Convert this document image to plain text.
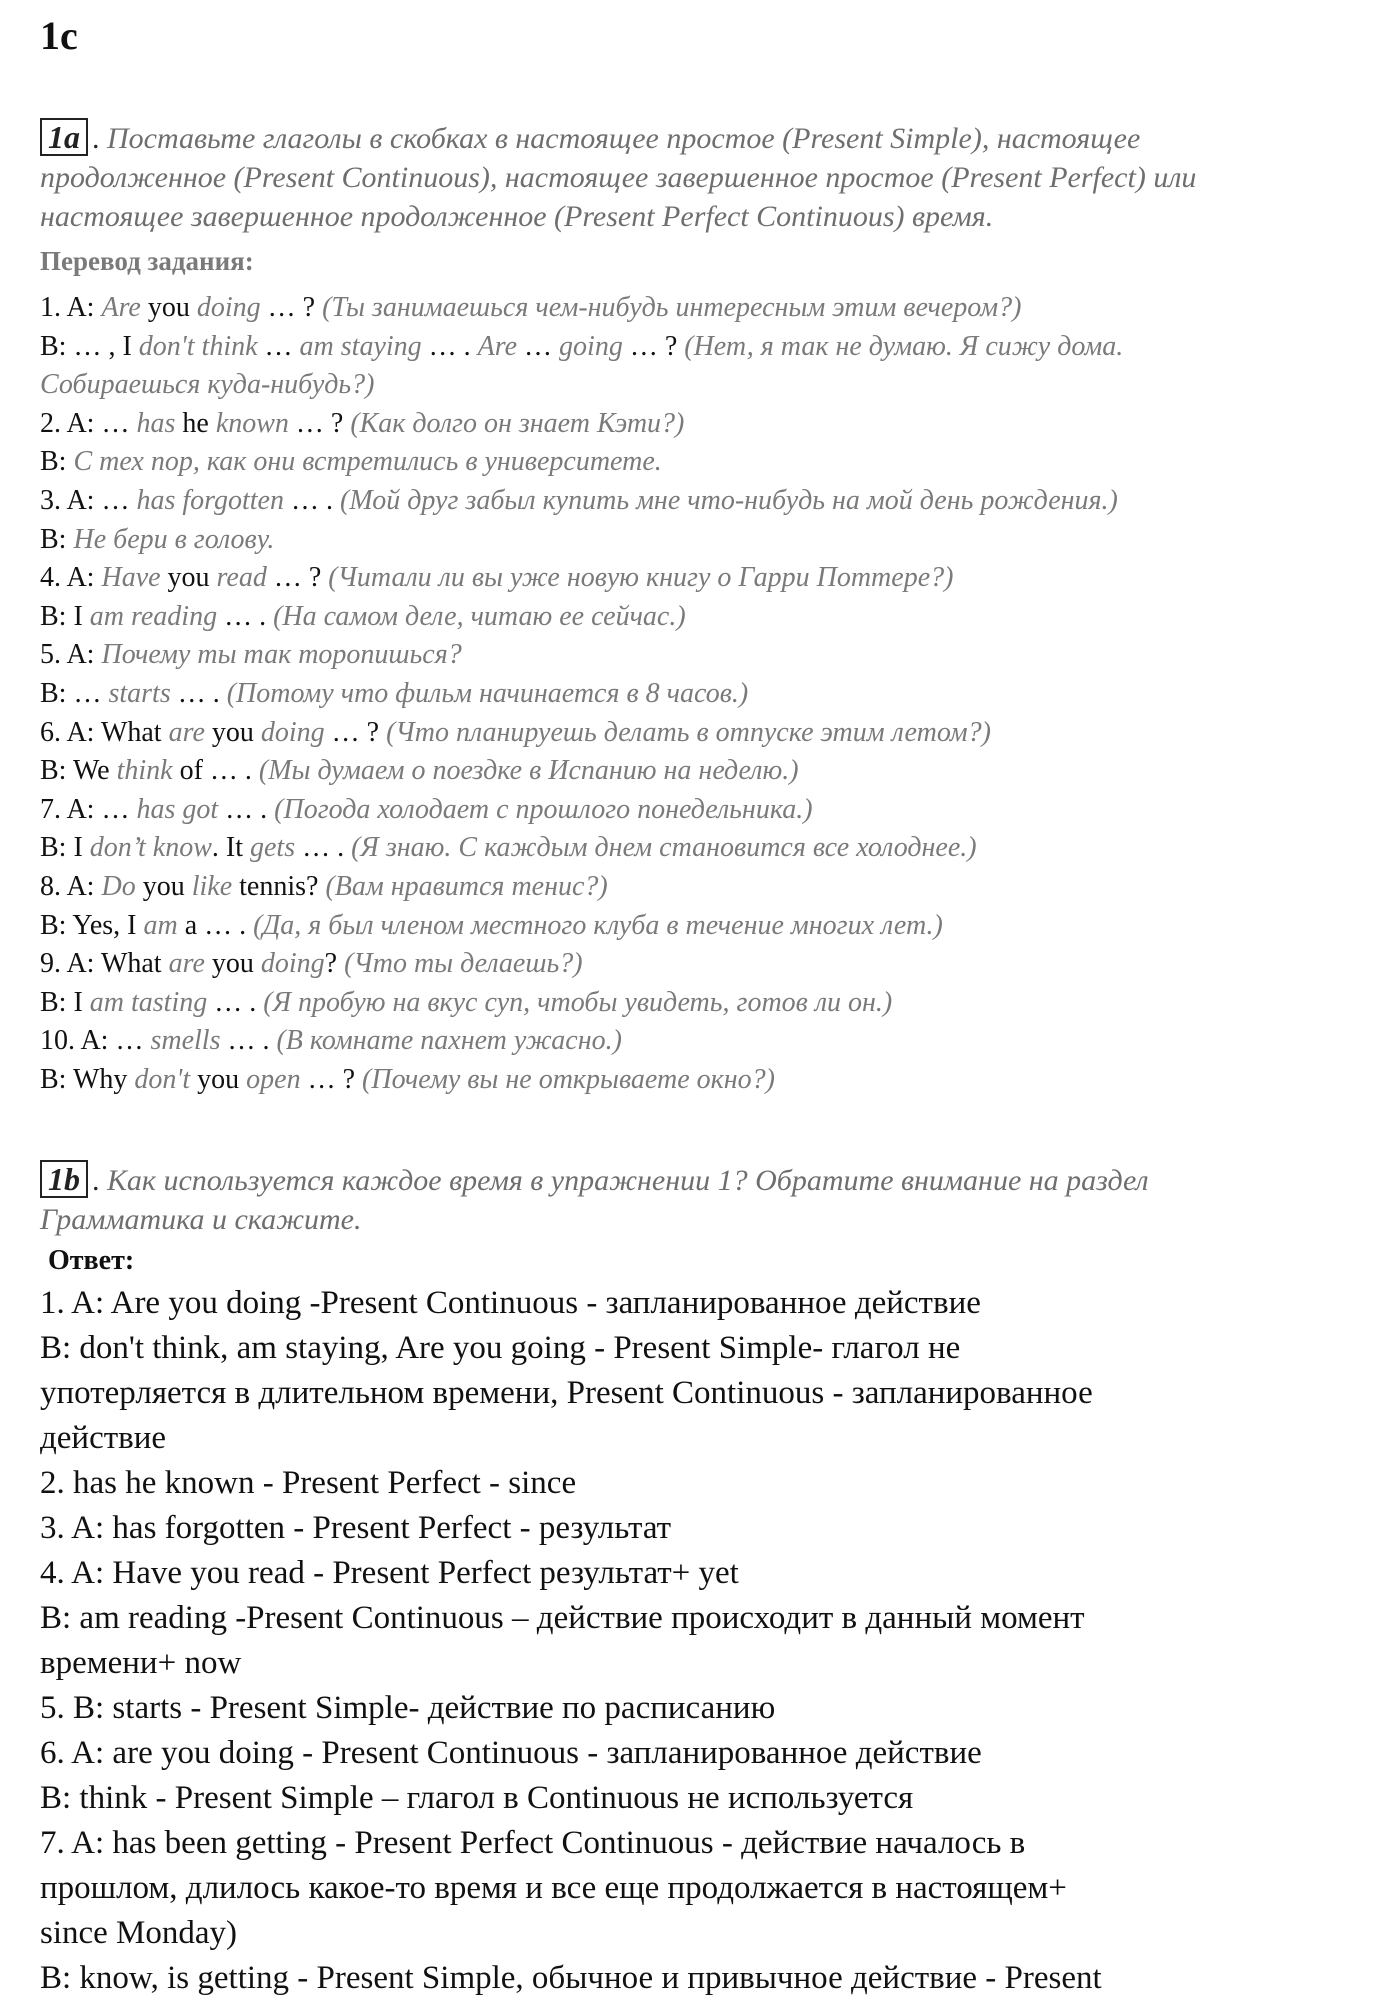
1c
1a . Поставьте глаголы в скобках в настоящее простое (Present Simple), настоящее
продолженное (Present Continuous), настоящее завершенное простое (Present Perfect) или
настоящее завершенное продолженное (Present Perfect Continuous) время.
Перевод задания:
1. A: Are you doing … ? (Ты занимаешься чем-нибудь интересным этим вечером?)
B: … , I don't think … am staying … . Are … going … ? (Нет, я так не думаю. Я сижу дома.
Собираешься куда-нибудь?)
2. A: … has he known … ? (Как долго он знает Кэти?)
B: С тех пор, как они встретились в университете.
3. A: … has forgotten … . (Мой друг забыл купить мне что-нибудь на мой день рождения.)
B: Не бери в голову.
4. A: Have you read … ? (Читали ли вы уже новую книгу о Гарри Поттере?)
B: I am reading … . (На самом деле, читаю ее сейчас.)
5. A: Почему ты так торопишься?
B: … starts … . (Потому что фильм начинается в 8 часов.)
6. A: What are you doing … ? (Что планируешь делать в отпуске этим летом?)
B: We think of … . (Мы думаем о поездке в Испанию на неделю.)
7. A: … has got … . (Погода холодает с прошлого понедельника.)
B: I don’t know. It gets … . (Я знаю. С каждым днем становится все холоднее.)
8. A: Do you like tennis? (Вам нравится тенис?)
B: Yes, I am a … . (Да, я был членом местного клуба в течение многих лет.)
9. A: What are you doing? (Что ты делаешь?)
B: I am tasting … . (Я пробую на вкус суп, чтобы увидеть, готов ли он.)
10. A: … smells … . (В комнате пахнет ужасно.)
B: Why don't you open … ? (Почему вы не открываете окно?)
1b . Как используется каждое время в упражнении 1? Обратите внимание на раздел
Грамматика и скажите.
Ответ:
1. A: Are you doing -Present Continuous - запланированное действие
B: don't think, am staying, Are you going - Present Simple- глагол не
употерляется в длительном времени, Present Continuous - запланированное
действие
2. has he known - Present Perfect - since
3. A: has forgotten - Present Perfect - результат
4. A: Have you read - Present Perfect результат+ yet
B: am reading -Present Continuous – действие происходит в данный момент
времени+ now
5. B: starts - Present Simple- действие по расписанию
6. A: are you doing - Present Continuous - запланированное действие
B: think - Present Simple – глагол в Continuous не используется
7. A: has been getting - Present Perfect Continuous - действие началось в
прошлом, длилось какое-то время и все еще продолжается в настоящем+
since Monday)
B: know, is getting - Present Simple, обычное и привычное действие - Present
